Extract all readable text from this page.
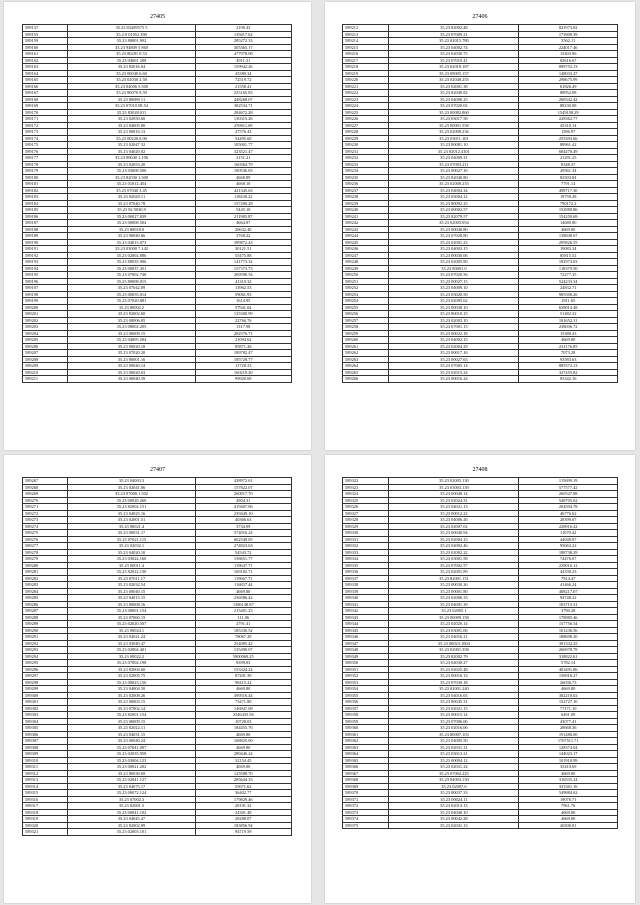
27405
589137	35.23 83209575 5	2190.43
589155	35.2.0 01052 390	139417.62
589159	35.23 80001.902	285272.33
589160	35.23 94809 5 860	305365.17
589161	35.23 80281 0.53	477978.08
589162	35.23 04001 208	4911.31
589163	35.23 82016.04	159942.26
589164	35.23 00040 6.60	43389.34
589165	35.23 02030 2.58	72519.72
589166	35.23 04006 5.500	21558.41
589167	35.23 80070 9.59	255165.83
589168	35.23 80089 11	448268.07
589169	35.23 07010 08.54	382534.71
589170	35.23 83028.011	284672.28
589171	35.23 02050.60	130315.26
589172	35.23 04005.80	259611.69
589173	35.23 00016.13	27576.43
589174	35.23 00220.0.00	54495.60
589175	35.23 02047 32	105001.77
589176	35.23 04020.02	323521.47
589177	35.23 00040 1.100	2151.21
589178	35.23 02053.20	160364.79
589179	35.23 03008.500	100536.05
589180	35.23 82030 1.300	4668.89
589181	35.23 01012.454	4668.10
589182	35.23 07040 3.45	421345.63
589183	35.23 02020.11	118430.22
589184	35.23 07040.78	157200.28
589185	35.23 82 9030.9	5445.10
589186	35.23 00027.839	211985.87
589187	35.23 00008.504	4664.87
589188	35.23 80018.0	20632.40
589189	35.23 00040.66	3768.22
589190	35.23 04013.073	399872.43
589191	35.23 03000 7.142	30121.51
589192	35.23 02002.886	55475.88
589193	35.23 80035.906	141773.32
589194	35.23 00037.451	157373.73
589195	35.23 07002.748	269598.54
589196	35.23 80008.015	41310.32
589197	35.23 07042.09	13962.53
589198	35.23 00055.014	59061.93
589199	35.23 07020.881	1614.95
589200	35.23 80002.2	57941.04
589201	35.23 82002.60	135300.99
589202	35.23 00006.05	22766.76
589203	35.23 08002.205	1317.98
589204	35.23 00009.15	282576.71
589205	35.23 04005.504	21094.62
589206	35.23 00020.18	85871.26
589207	35.23 07020.20	189782.47
589208	35.23 80001.16	185728.77
589209	35.23 00040.14	11728.33
589210	35.23 00020.63	160219.20
589211	35.23 00040.39	99920.69
27406
589212	35.23 82002.48	821973.82
589213	35.23 07009.21	173909.39
589214	35.23 02015.780	3562.11
589215	35.23 04002.74	224017.46
589216	35.23 02030.75	15403.96
589217	35.23 07010.41	82616.67
589218	35.23 02018.187	899752.13
589219	35.23 08005.157	148033.27
589220	35.23 02048.255	298675.99
589221	35.23 02001.38	61826.49
589222	35.23 82049.82	88952.08
589223	35.23 04008.25	268342.42
589224	35.23 07020.02	88230.08
589225	35.23 00082.860	1549158.29
589226	35.23 03017.58	228362.77
589227	35.23 00001.558	45310.14
589228	35.23 02008.236	1586.97
589229	35.23 03011.101	255393.66
589230	35.23 80081.10	88961.42
589231	35.23 02012.4101	684478.49
589232	35.23 04009.31	21291.25
589233	35.23 07003.211	8348.37
589234	35.23 00027.16	29561.34
589235	35.23 82040.80	82503.84
589236	35.23 02008.235	7791.14
589237	35.23 04004.34	498717.30
589238	35.23 03004.12	19759.28
589239	35.23 80092.25	790172.2
589240	35.23 00002.57	152980.86
589241	35.23 82079.57	154250.69
589242	35.23 02005.054	14680.80
589243	35.23 00040.80	4669.80
589244	35.23 07020.80	138848.67
589245	35.23 02001.23	295826.55
589246	35.23 04003.15	19083.34
589247	35.23 00030.06	85815.52
589248	35.23 02005.80	182973.03
589249	35.23 80001.0	118379.50
589250	35.23 07020.56	72277.35
589251	35.23 00027.15	524233.34
589252	35.23 04009.10	24832.71
589253	35.23 03020.50	985500.26
589254	35.23 02005.62	1811.65
589255	35.23 00038.10	639014.48
589256	35.23 80010.15	51482.32
589257	35.23 02003.10	101652.31
589258	35.23 07001.15	238036.72
589259	35.23 00022.18	15380.43
589260	35.23 04002.15	4669.80
589261	35.23 02004.29	231176.85
589262	35.23 80017.16	7073.28
589263	35.23 00027.63	93583.63
589264	35.23 07005.14	885572.13
589265	35.23 02015.24	327455.82
589266	35.23 00016.24	83342.16
27407
589267	35.23 04003.3	438972.61
589268	35.23 02041.06	157822.07
589269	35.23 07008.1.502	260917.70
589270	35.23 00020.260	4904.31
589271	35.23 82002.151	419407.06
589272	35.23 04025.16	239449.10
589273	35.23 02001.51	40366.63
589274	35.23 80021.4	3734.99
589275	35.23 00031.17	574016.24
589276	35.23 07021.115	602549.05
589277	35.23 02032.1	274823.63
589278	35.23 04020.10	54543.72
589279	35.23 03024.160	158651.77
589280	35.23 00011.4	119647.71
589281	35.23 82022.130	169182.71
589282	35.23 07011.17	119667.71
589283	35.23 02032.54	116837.44
589284	35.23 00040.15	4669.80
589285	35.23 04015.15	236586.42
589286	35.23 80008.16	1386148.87
589287	35.23 00001.154	215401.23
589288	35.23 07060.15	111.06
589289	35.23 02020.507	2791.41
589290	35.23 00024.1	185330.52
589291	35.23 04021.24	78067.29
589292	35.23 03040.47	254085.42
589293	35.23 02004.401	135499.07
589294	35.23 00022.2	5900069.25
589295	35.23 07002.198	8399.03
589296	35.23 82004.60	153324.24
589297	35.23 02005.75	87201.39
589298	35.23 00023.156	98415.22
589299	35.23 04004.50	4669.80
589300	35.23 02008.26	399516.44
589301	35.23 00003.15	73471.80
589302	35.23 07002.14	146947.08
589303	35.23 82001.154	2546435.56
589304	35.23 00009.15	10728.03
589305	35.23 02022.11	184455.76
589306	35.23 04031.15	4669.80
589307	35.23 00040.24	168825.00
589308	35.23 07041.097	4669.80
589309	35.23 02035.958	289446.24
589310	35.23 03004.123	32154.45
589311	35.23 00021.202	4669.80
589312	35.23 80030.69	125588.70
589313	35.23 02041.127	285644.33
589314	35.23 04075.17	55671.62
589315	35.23 00072.124	36402.77
589316	35.23 07002.3	179829.46
589317	35.23 02001.5	28191.32
589318	35.23 00041.102	24301.48
589319	35.23 04045.47	28288.07
589320	35.23 82002.99	183856.94
589321	35.23 02003.101	94719.59
27408
589322	35.23 02005.130	115699.19
589323	35.23 03003.139	577577.42
589324	35.23 00040.14	260547.88
589325	35.23 02024.31	548705.62
589326	35.23 04021.13	204504.78
589327	35.23 00012.22	46776.62
589328	35.23 04006.26	28399.67
589329	35.23 02007.02	228916.42
589330	35.23 00040.94	11070.42
589331	35.23 02004.15	44049.87
589332	35.23 04002.46	95663.22
589333	35.23 02002.22	188738.29
589334	35.23 03001.58	74476.07
589335	35.23 07002.57	229016.12
589336	35.23 02001.89	44330.23
589337	35.23 82001.151	7914.47
589338	35.23 00030.26	41466.24
589339	35.23 00001.80	408217.07
589340	35.23 02006.33	94748.22
589341	35.23 04001.39	103715.31
589342	35.23 02005.1	3790.28
589343	35.23 00009.158	178885.46
589344	35.23 02020.14	157756.34
589345	35.23 03001.06	101236.56
589346	35.23 04016.21	188698.20
589347	35.23 00023.1004	391332.25
589348	35.23 02001.358	266978.79
589349	35.23 82002.79	318822.61
589350	35.23 04030.27	5782.14
589351	35.23 02025.48	403491.86
589352	35.23 00016.13	156916.27
589353	35.23 07030.18	26036.73
589354	35.23 02001.240	4669.80
589355	35.23 04016.65	302218.02
589356	35.23 80045.31	152727.10
589357	35.23 02021.15	77171.10
589358	35.23 00015.14	6491.09
589359	35.23 07006.06	43077.41
589360	35.23 02016.06	28668.36
589361	35.23 80007.103	191486.00
589362	35.23 04005.50	1767511.71
589363	35.23 02031.31	128374.04
589364	35.23 03013.21	144023.17
589365	35.23 00004.12	101910.99
589366	35.23 02031.24	35410.69
589367	35.23 07002.225	4669.80
589368	35.23 04003.130	316535.24
589369	35.23 02007.6	331361.16
589370	35.23 80037.33	549884.62
589371	35.23 00024.11	19076.71
589372	35.23 02013.15	7961.76
589373	35.23 04040.10	4669.80
589374	35.23 00042.28	4669.80
589375	35.23 02041.13	26500.01
